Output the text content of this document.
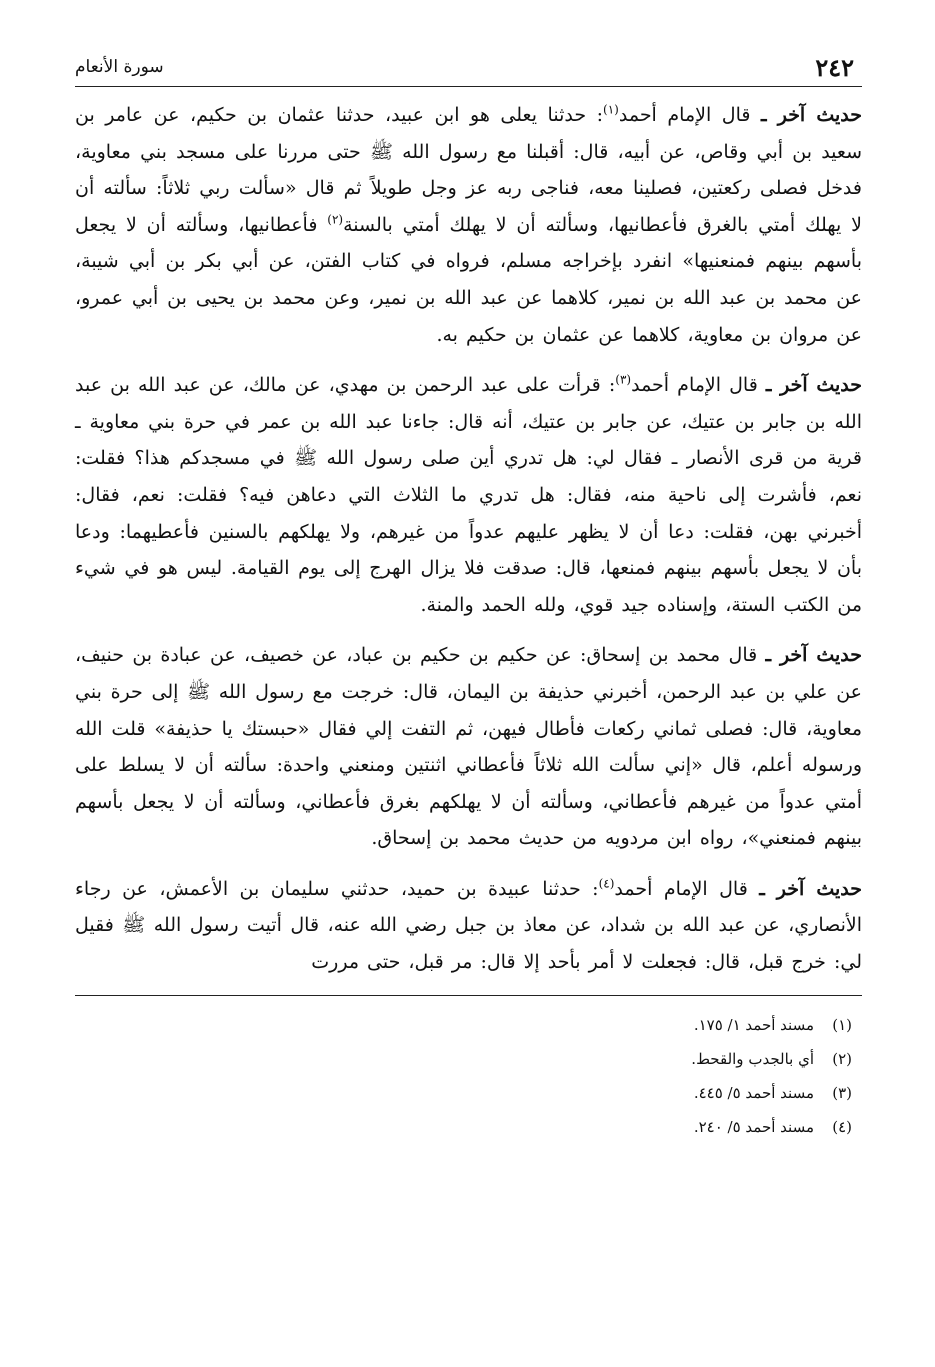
٢٤٢
سورة الأنعام

حديث آخر ـ قال الإمام أحمد$^{(١)}$: حدثنا يعلى هو ابن عبيد، حدثنا عثمان بن حكيم، عن عامر بن سعيد بن أبي وقاص، عن أبيه، قال: أقبلنا مع رسول الله ﷺ حتى مررنا على مسجد بني معاوية، فدخل فصلى ركعتين، فصلينا معه، فناجى ربه عز وجل طويلاً ثم قال «سألت ربي ثلاثاً: سألته أن لا يهلك أمتي بالغرق فأعطانيها، وسألته أن لا يهلك أمتي بالسنة$^{(٢)}$ فأعطانيها، وسألته أن لا يجعل بأسهم بينهم فمنعنيها» انفرد بإخراجه مسلم، فرواه في كتاب الفتن، عن أبي بكر بن أبي شيبة، عن محمد بن عبد الله بن نمير، كلاهما عن عبد الله بن نمير، وعن محمد بن يحيى بن أبي عمرو، عن مروان بن معاوية، كلاهما عن عثمان بن حكيم به.

حديث آخر ـ قال الإمام أحمد$^{(٣)}$: قرأت على عبد الرحمن بن مهدي، عن مالك، عن عبد الله بن عبد الله بن جابر بن عتيك، عن جابر بن عتيك، أنه قال: جاءنا عبد الله بن عمر في حرة بني معاوية ـ قرية من قرى الأنصار ـ فقال لي: هل تدري أين صلى رسول الله ﷺ في مسجدكم هذا؟ فقلت: نعم، فأشرت إلى ناحية منه، فقال: هل تدري ما الثلاث التي دعاهن فيه؟ فقلت: نعم، فقال: أخبرني بهن، فقلت: دعا أن لا يظهر عليهم عدواً من غيرهم، ولا يهلكهم بالسنين فأعطيهما: ودعا بأن لا يجعل بأسهم بينهم فمنعها، قال: صدقت فلا يزال الهرج إلى يوم القيامة. ليس هو في شيء من الكتب الستة، وإسناده جيد قوي، ولله الحمد والمنة.

حديث آخر ـ قال محمد بن إسحاق: عن حكيم بن حكيم بن عباد، عن خصيف، عن عبادة بن حنيف، عن علي بن عبد الرحمن، أخبرني حذيفة بن اليمان، قال: خرجت مع رسول الله ﷺ إلى حرة بني معاوية، قال: فصلى ثماني ركعات فأطال فيهن، ثم التفت إلي فقال «حبستك يا حذيفة» قلت الله ورسوله أعلم، قال «إني سألت الله ثلاثاً فأعطاني اثنتين ومنعني واحدة: سألته أن لا يسلط على أمتي عدواً من غيرهم فأعطاني، وسألته أن لا يهلكهم بغرق فأعطاني، وسألته أن لا يجعل بأسهم بينهم فمنعني»، رواه ابن مردويه من حديث محمد بن إسحاق.

حديث آخر ـ قال الإمام أحمد$^{(٤)}$: حدثنا عبيدة بن حميد، حدثني سليمان بن الأعمش، عن رجاء الأنصاري، عن عبد الله بن شداد، عن معاذ بن جبل رضي الله عنه، قال أتيت رسول الله ﷺ فقيل لي: خرج قبل، قال: فجعلت لا أمر بأحد إلا قال: مر قبل، حتى مررت

(١)مسند أحمد ١/ ١٧٥.
(٢)أي بالجدب والقحط.
(٣)مسند أحمد ٥/ ٤٤٥.
(٤)مسند أحمد ٥/ ٢٤٠.
